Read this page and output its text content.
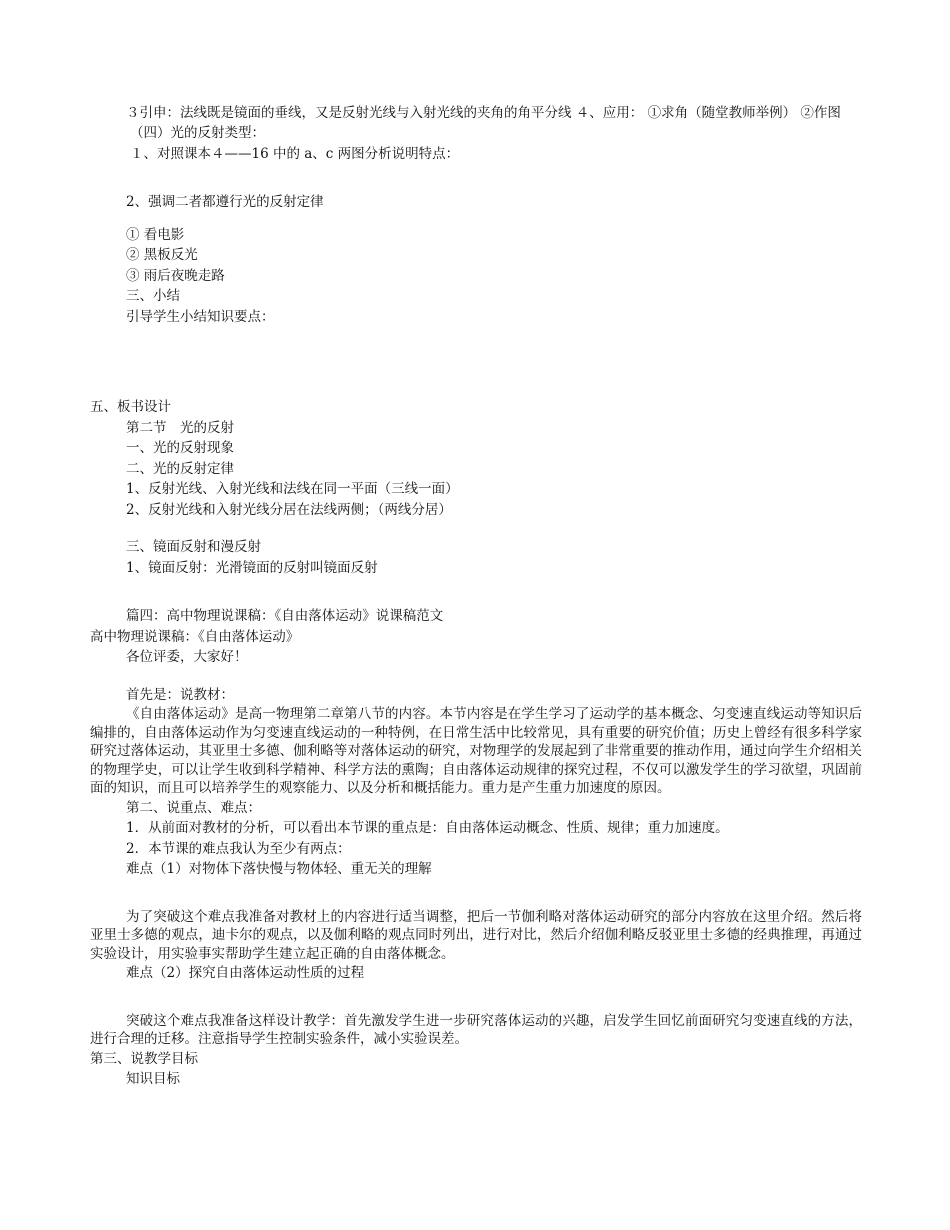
３引申：法线既是镜面的垂线，又是反射光线与入射光线的夹角的角平分线 ４、应用： ①求角（随堂教师举例） ②作图
（四）光的反射类型：
１、对照课本４——16 中的 a、c 两图分析说明特点：
2、强调二者都遵行光的反射定律
① 看电影
② 黑板反光
③ 雨后夜晚走路
三、小结
引导学生小结知识要点：
五、板书设计
第二节　光的反射
一、光的反射现象
二、光的反射定律
1、反射光线、入射光线和法线在同一平面（三线一面）
2、反射光线和入射光线分居在法线两侧；（两线分居）
三、镜面反射和漫反射
1、镜面反射：光滑镜面的反射叫镜面反射
篇四：高中物理说课稿：《自由落体运动》说课稿范文
高中物理说课稿：《自由落体运动》
各位评委，大家好！
首先是：说教材：
《自由落体运动》是高一物理第二章第八节的内容。本节内容是在学生学习了运动学的基本概念、匀变速直线运动等知识后编排的，自由落体运动作为匀变速直线运动的一种特例，在日常生活中比较常见，具有重要的研究价值；历史上曾经有很多科学家研究过落体运动，其亚里士多德、伽利略等对落体运动的研究，对物理学的发展起到了非常重要的推动作用，通过向学生介绍相关的物理学史，可以让学生收到科学精神、科学方法的熏陶；自由落体运动规律的探究过程，不仅可以激发学生的学习欲望，巩固前面的知识，而且可以培养学生的观察能力、以及分析和概括能力。重力是产生重力加速度的原因。
第二、说重点、难点：
1．从前面对教材的分析，可以看出本节课的重点是：自由落体运动概念、性质、规律；重力加速度。
2．本节课的难点我认为至少有两点：
难点（1）对物体下落快慢与物体轻、重无关的理解
为了突破这个难点我准备对教材上的内容进行适当调整，把后一节伽利略对落体运动研究的部分内容放在这里介绍。然后将亚里士多德的观点，迪卡尔的观点，以及伽利略的观点同时列出，进行对比，然后介绍伽利略反驳亚里士多德的经典推理，再通过实验设计，用实验事实帮助学生建立起正确的自由落体概念。
难点（2）探究自由落体运动性质的过程
突破这个难点我准备这样设计教学：首先激发学生进一步研究落体运动的兴趣，启发学生回忆前面研究匀变速直线的方法，进行合理的迁移。注意指导学生控制实验条件，减小实验误差。
第三、说教学目标
知识目标
